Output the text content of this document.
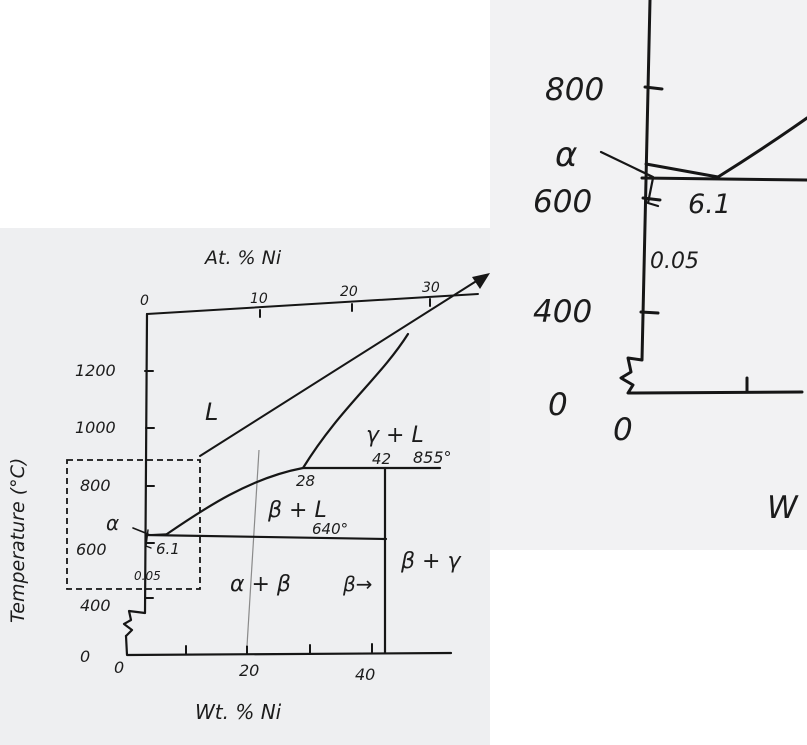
At. % Ni
0	10	20	30
1200
1000
800
600
400
0
Temperature (°C)
0	20	40
Wt. % Ni
L
γ + L
β + L
α + β
β + γ
β→
α
42 855°
28
640°
6.1
0.05
800
α
600	6.1
0.05
400
0
0
W
